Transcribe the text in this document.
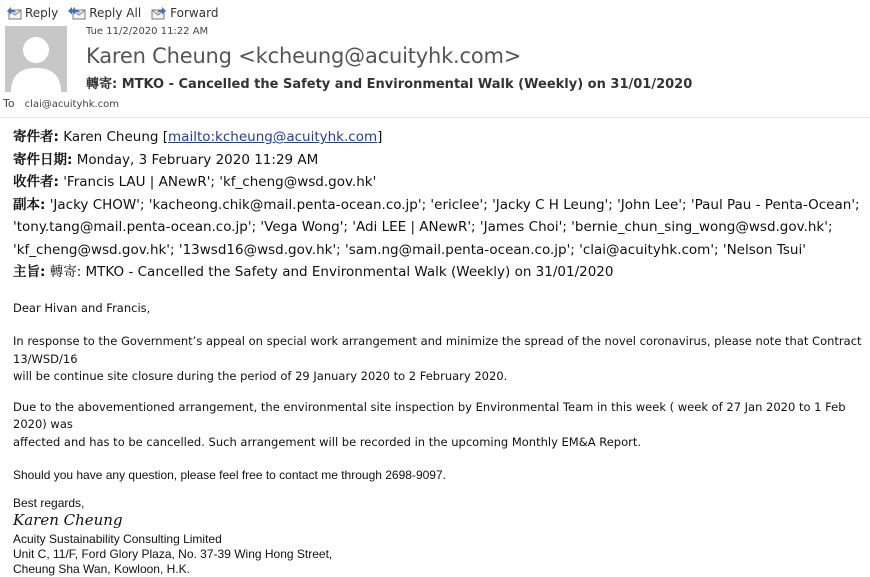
Reply	Reply All Forward
Tue 11/2/2020 11:22 AM
Karen Cheung <kcheung@acuityhk.com>
轉寄: MTKO - Cancelled the Safety and Environmental Walk (Weekly) on 31/01/2020
To clai@acuityhk.com
寄件者: Karen Cheung [mailto:kcheung@acuityhk.com]
寄件日期: Monday, 3 February 2020 11:29 AM
收件者: 'Francis LAU | ANewR'; 'kf_cheng@wsd.gov.hk'
副本: 'Jacky CHOW'; 'kacheong.chik@mail.penta-ocean.co.jp'; 'ericlee'; 'Jacky C H Leung'; 'John Lee'; 'Paul Pau - Penta-Ocean';
'tony.tang@mail.penta-ocean.co.jp'; 'Vega Wong'; 'Adi LEE | ANewR'; 'James Choi'; 'bernie_chun_sing_wong@wsd.gov.hk';
'kf_cheng@wsd.gov.hk'; '13wsd16@wsd.gov.hk'; 'sam.ng@mail.penta-ocean.co.jp'; 'clai@acuityhk.com'; 'Nelson Tsui'
主旨: 轉寄: MTKO - Cancelled the Safety and Environmental Walk (Weekly) on 31/01/2020
Dear Hivan and Francis,
In response to the Government’s appeal on special work arrangement and minimize the spread of the novel coronavirus, please note that Contract 13/WSD/16
will be continue site closure during the period of 29 January 2020 to 2 February 2020.
Due to the abovementioned arrangement, the environmental site inspection by Environmental Team in this week ( week of 27 Jan 2020 to 1 Feb 2020) was
affected and has to be cancelled. Such arrangement will be recorded in the upcoming Monthly EM&A Report.
Should you have any question, please feel free to contact me through 2698-9097.
Best regards,
Karen Cheung
Acuity Sustainability Consulting Limited
Unit C, 11/F, Ford Glory Plaza, No. 37-39 Wing Hong Street,
Cheung Sha Wan, Kowloon, H.K.
